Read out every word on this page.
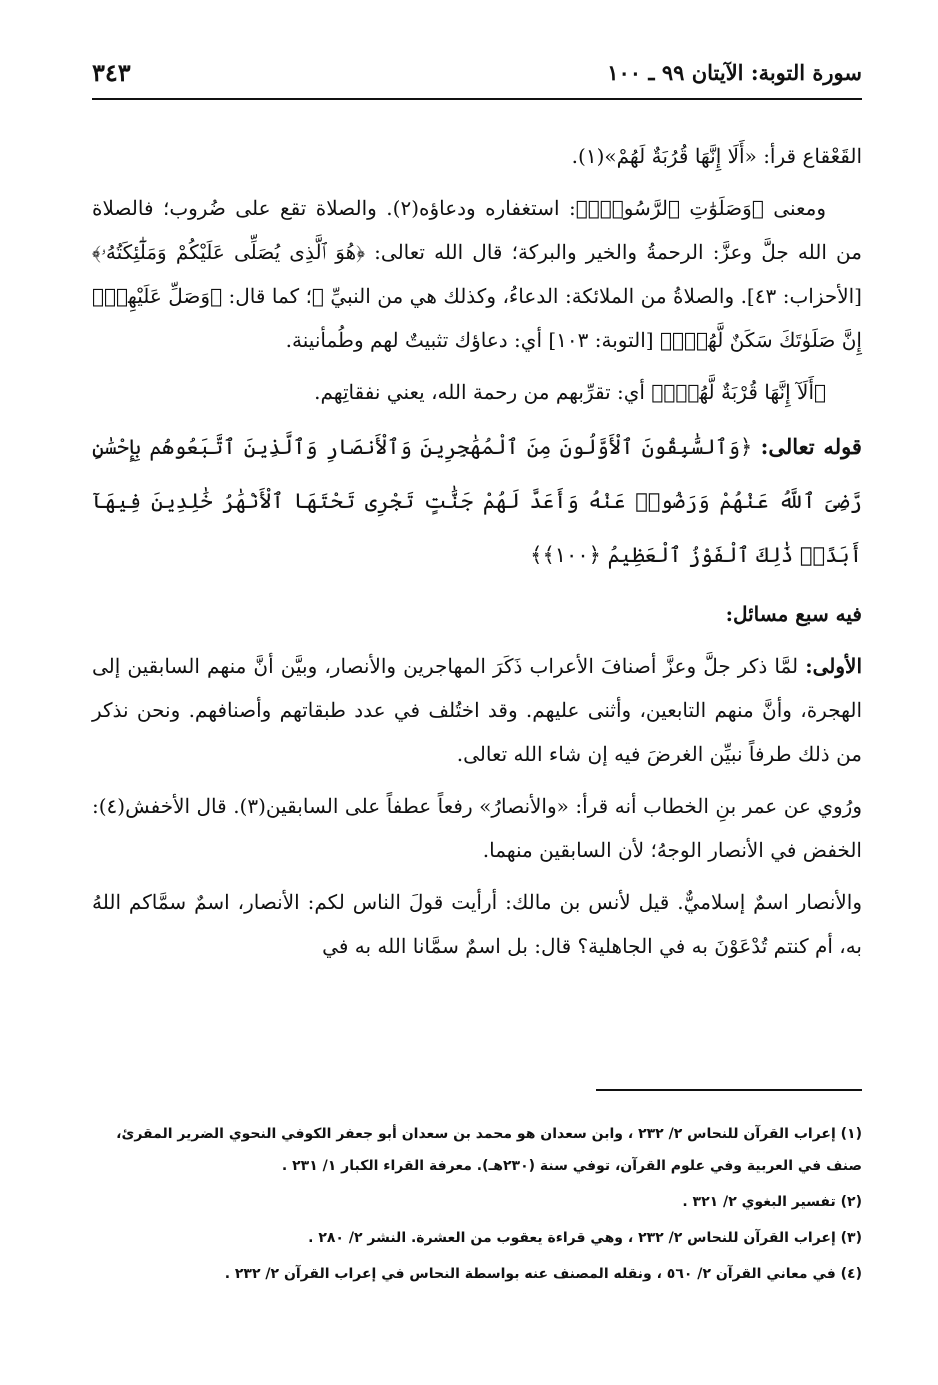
سورة التوبة: الآيتان ٩٩ ـ ١٠٠
٣٤٣

القَعْقاع قرأ: «أَلَا إِنَّهَا قُرُبَةٌ لَهُمْ»(١).

ومعنى ﴿وَصَلَوَٰتِ ٱلرَّسُولِۚ﴾: استغفاره ودعاؤه(٢). والصلاة تقع على ضُروب؛ فالصلاة من الله جلَّ وعزَّ: الرحمةُ والخير والبركة؛ قال الله تعالى: ﴿هُوَ ٱلَّذِى يُصَلِّى عَلَيْكُمْ وَمَلَٰٓئِكَتُهُۥ﴾ [الأحزاب: ٤٣]. والصلاةُ من الملائكة: الدعاءُ، وكذلك هي من النبيِّ ﷺ؛ كما قال: ﴿وَصَلِّ عَلَيْهِمْۖ إِنَّ صَلَوٰتَكَ سَكَنٌ لَّهُمْۗ﴾ [التوبة: ١٠٣] أي: دعاؤك تثبيتٌ لهم وطُمأنينة.

﴿أَلَآ إِنَّهَا قُرْبَةٌ لَّهُمْۚ﴾ أي: تقرِّبهم من رحمة الله، يعني نفقاتِهم.

قوله تعالى: ﴿وَٱلسَّٰبِقُونَ ٱلْأَوَّلُونَ مِنَ ٱلْمُهَٰجِرِينَ وَٱلْأَنصَارِ وَٱلَّذِينَ ٱتَّبَعُوهُم بِإِحْسَٰنٍ رَّضِىَ ٱللَّهُ عَنْهُمْ وَرَضُوا۟ عَنْهُ وَأَعَدَّ لَهُمْ جَنَّٰتٍ تَجْرِى تَحْتَهَا ٱلْأَنْهَٰرُ خَٰلِدِينَ فِيهَآ أَبَدًاۚ ذَٰلِكَ ٱلْفَوْزُ ٱلْعَظِيمُ ﴿١٠٠﴾﴾

فيه سبع مسائل:

الأولى: لمَّا ذكر جلَّ وعزَّ أصنافَ الأعراب ذَكَرَ المهاجرين والأنصار، وبيَّن أنَّ منهم السابقين إلى الهجرة، وأنَّ منهم التابعين، وأثنى عليهم. وقد اختُلف في عدد طبقاتهم وأصنافهم. ونحن نذكر من ذلك طرفاً نبيِّن الغرضَ فيه إن شاء الله تعالى.

ورُوي عن عمر بنِ الخطاب أنه قرأ: «والأنصارُ» رفعاً عطفاً على السابقين(٣). قال الأخفش(٤): الخفض في الأنصار الوجهُ؛ لأن السابقين منهما.

والأنصار اسمٌ إسلاميٌّ. قيل لأنس بن مالك: أرأيت قولَ الناس لكم: الأنصار، اسمٌ سمَّاكم اللهُ به، أم كنتم تُدْعَوْنَ به في الجاهلية؟ قال: بل اسمٌ سمَّانا الله به في

(١) إعراب القرآن للنحاس ٢/ ٢٣٢ ، وابن سعدان هو محمد بن سعدان أبو جعفر الكوفي النحوي الضرير المقرئ، صنف في العربية وفي علوم القرآن، توفي سنة (٢٣٠هـ). معرفة القراء الكبار ١/ ٢٣١ .

(٢) تفسير البغوي ٢/ ٣٢١ .

(٣) إعراب القرآن للنحاس ٢/ ٢٣٢ ، وهي قراءة يعقوب من العشرة. النشر ٢/ ٢٨٠ .

(٤) في معاني القرآن ٢/ ٥٦٠ ، ونقله المصنف عنه بواسطة النحاس في إعراب القرآن ٢/ ٢٣٢ .
